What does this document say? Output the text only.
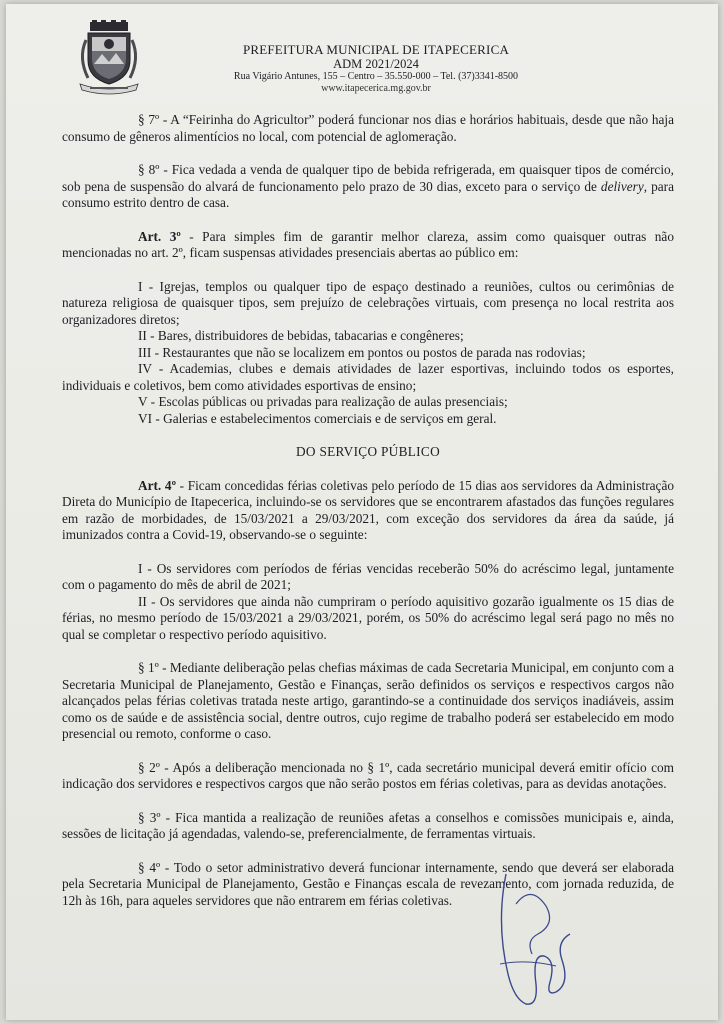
PREFEITURA MUNICIPAL DE ITAPECERICA
ADM 2021/2024
Rua Vigário Antunes, 155 – Centro – 35.550-000 – Tel. (37)3341-8500
www.itapecerica.mg.gov.br

§ 7º - A “Feirinha do Agricultor” poderá funcionar nos dias e horários habituais, desde que não haja consumo de gêneros alimentícios no local, com potencial de aglomeração.

§ 8º - Fica vedada a venda de qualquer tipo de bebida refrigerada, em quaisquer tipos de comércio, sob pena de suspensão do alvará de funcionamento pelo prazo de 30 dias, exceto para o serviço de delivery, para consumo estrito dentro de casa.

Art. 3º - Para simples fim de garantir melhor clareza, assim como quaisquer outras não mencionadas no art. 2º, ficam suspensas atividades presenciais abertas ao público em:

I - Igrejas, templos ou qualquer tipo de espaço destinado a reuniões, cultos ou cerimônias de natureza religiosa de quaisquer tipos, sem prejuízo de celebrações virtuais, com presença no local restrita aos organizadores diretos;

II - Bares, distribuidores de bebidas, tabacarias e congêneres;

III - Restaurantes que não se localizem em pontos ou postos de parada nas rodovias;

IV - Academias, clubes e demais atividades de lazer esportivas, incluindo todos os esportes, individuais e coletivos, bem como atividades esportivas de ensino;

V - Escolas públicas ou privadas para realização de aulas presenciais;

VI - Galerias e estabelecimentos comerciais e de serviços em geral.

DO SERVIÇO PÚBLICO

Art. 4º - Ficam concedidas férias coletivas pelo período de 15 dias aos servidores da Administração Direta do Município de Itapecerica, incluindo-se os servidores que se encontrarem afastados das funções regulares em razão de morbidades, de 15/03/2021 a 29/03/2021, com exceção dos servidores da área da saúde, já imunizados contra a Covid-19, observando-se o seguinte:

I - Os servidores com períodos de férias vencidas receberão 50% do acréscimo legal, juntamente com o pagamento do mês de abril de 2021;

II - Os servidores que ainda não cumpriram o período aquisitivo gozarão igualmente os 15 dias de férias, no mesmo período de 15/03/2021 a 29/03/2021, porém, os 50% do acréscimo legal será pago no mês no qual se completar o respectivo período aquisitivo.

§ 1º - Mediante deliberação pelas chefias máximas de cada Secretaria Municipal, em conjunto com a Secretaria Municipal de Planejamento, Gestão e Finanças, serão definidos os serviços e respectivos cargos não alcançados pelas férias coletivas tratada neste artigo, garantindo-se a continuidade dos serviços inadiáveis, assim como os de saúde e de assistência social, dentre outros, cujo regime de trabalho poderá ser estabelecido em modo presencial ou remoto, conforme o caso.

§ 2º - Após a deliberação mencionada no § 1º, cada secretário municipal deverá emitir ofício com indicação dos servidores e respectivos cargos que não serão postos em férias coletivas, para as devidas anotações.

§ 3º - Fica mantida a realização de reuniões afetas a conselhos e comissões municipais e, ainda, sessões de licitação já agendadas, valendo-se, preferencialmente, de ferramentas virtuais.

§ 4º - Todo o setor administrativo deverá funcionar internamente, sendo que deverá ser elaborada pela Secretaria Municipal de Planejamento, Gestão e Finanças escala de revezamento, com jornada reduzida, de 12h às 16h, para aqueles servidores que não entrarem em férias coletivas.
